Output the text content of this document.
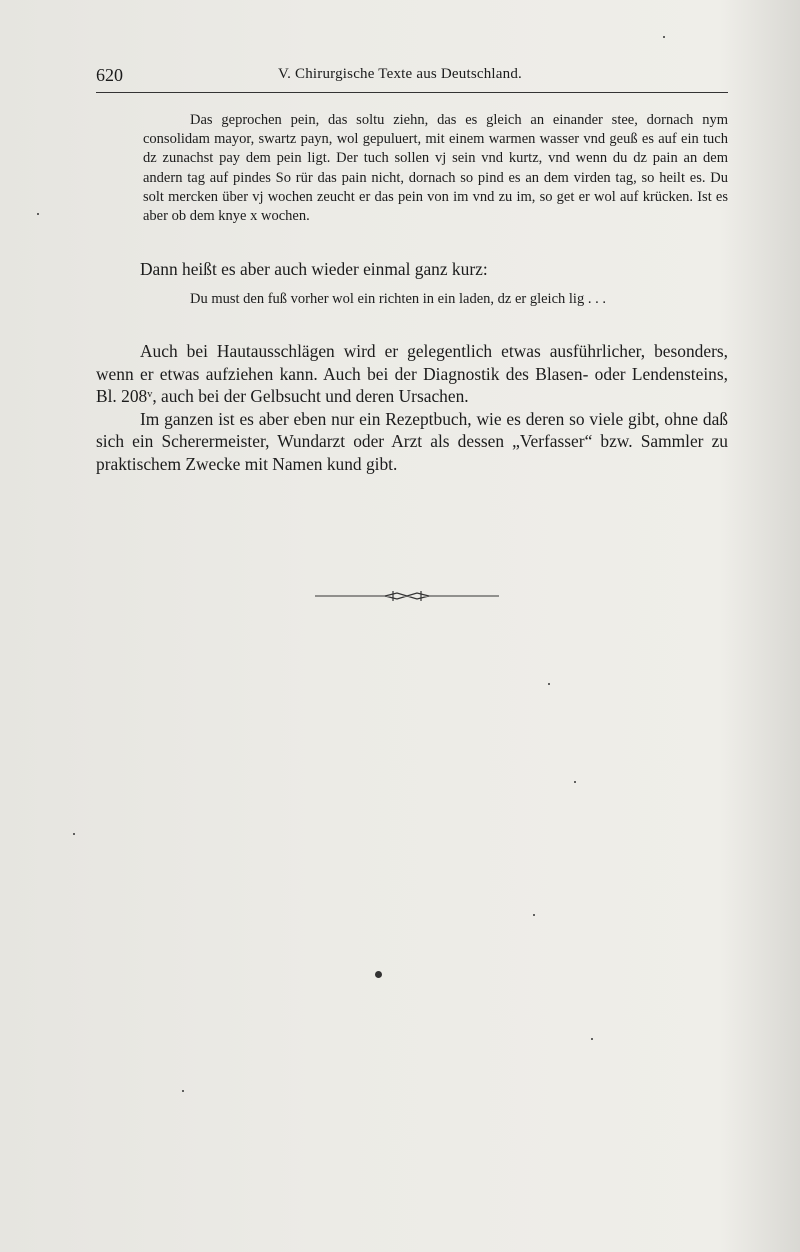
620	V. Chirurgische Texte aus Deutschland.

Das geprochen pein, das soltu ziehn, das es gleich an einander stee, dornach nym consolidam mayor, swartz payn, wol gepuluert, mit einem warmen wasser vnd geuß es auf ein tuch dz zunachst pay dem pein ligt. Der tuch sollen vj sein vnd kurtz, vnd wenn du dz pain an dem andern tag auf pindes So rür das pain nicht, dornach so pind es an dem virden tag, so heilt es. Du solt mercken über vj wochen zeucht er das pein von im vnd zu im, so get er wol auf krücken. Ist es aber ob dem knye x wochen.

Dann heißt es aber auch wieder einmal ganz kurz:

Du must den fuß vorher wol ein richten in ein laden, dz er gleich lig . . .

Auch bei Hautausschlägen wird er gelegentlich etwas ausführlicher, besonders, wenn er etwas aufziehen kann. Auch bei der Diagnostik des Blasen- oder Lendensteins, Bl. 208ᵛ, auch bei der Gelbsucht und deren Ursachen.

Im ganzen ist es aber eben nur ein Rezeptbuch, wie es deren so viele gibt, ohne daß sich ein Scherermeister, Wundarzt oder Arzt als dessen „Verfasser“ bzw. Sammler zu praktischem Zwecke mit Namen kund gibt.
